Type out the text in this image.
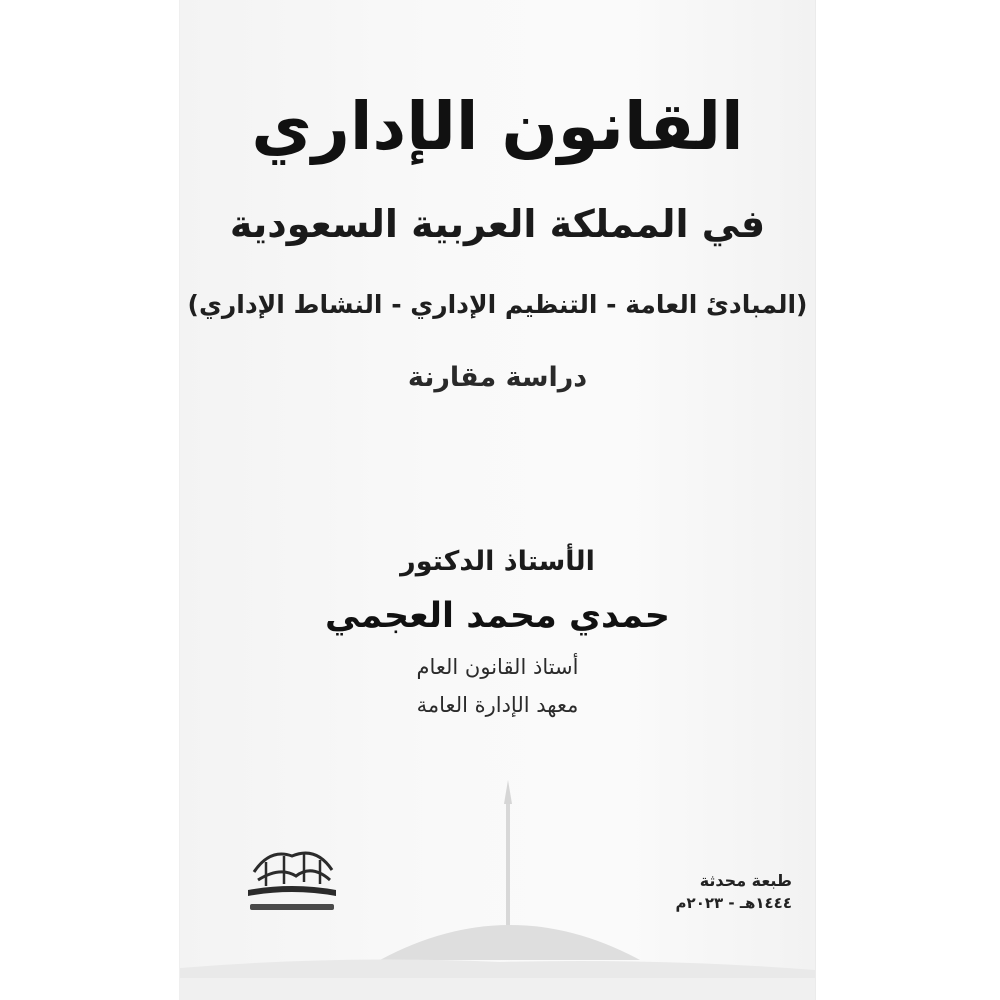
القانون الإداري
في المملكة العربية السعودية
(المبادئ العامة - التنظيم الإداري - النشاط الإداري)
دراسة مقارنة
الأستاذ الدكتور
حمدي محمد العجمي
أستاذ القانون العام
معهد الإدارة العامة
طبعة محدثة
١٤٤٤هـ - ٢٠٢٣م
